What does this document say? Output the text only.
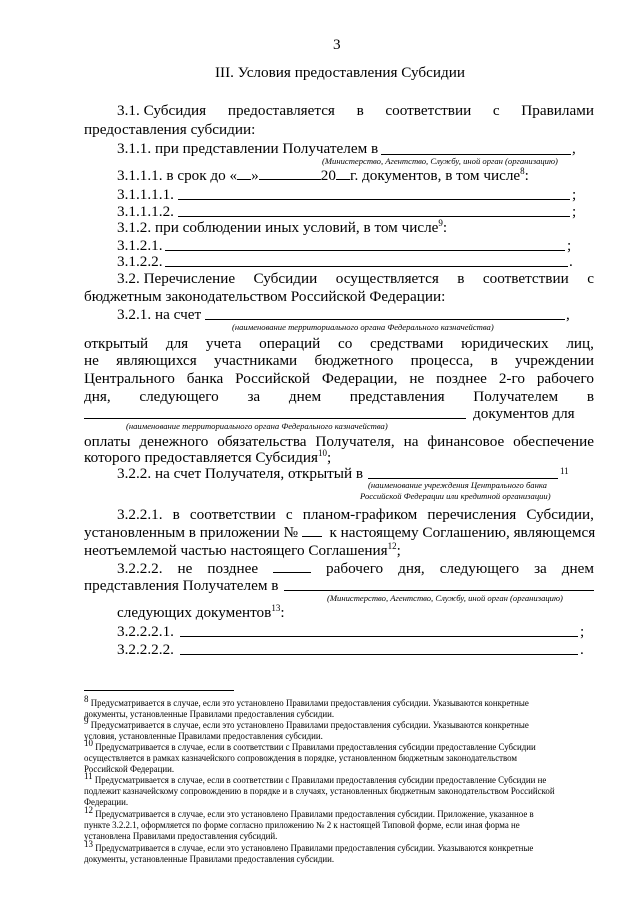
3
III. Условия предоставления Субсидии
3.1. Субсидия предоставляется в соответствии с Правилами
предоставления субсидии:
3.1.1. при представлении Получателем в	,
(Министерство, Агентство, Службу, иной орган (организацию)
3.1.1.1. в срок до « »	20 г. документов, в том числе$^8$:
3.1.1.1.1.	;
3.1.1.1.2.	;
3.1.2. при соблюдении иных условий, в том числе$^9$:
3.1.2.1.	;
3.1.2.2.	.
3.2. Перечисление Субсидии осуществляется в соответствии с
бюджетным законодательством Российской Федерации:
3.2.1. на счет	,
(наименование территориального органа Федерального казначейства)
открытый для учета операций со средствами юридических лиц,
не являющихся участниками бюджетного процесса, в учреждении
Центрального банка Российской Федерации, не позднее 2-го рабочего
дня, следующего за днем представления Получателем в
документов для
(наименование территориального органа Федерального казначейства)
оплаты денежного обязательства Получателя, на финансовое обеспечение
которого предоставляется Субсидия$^{10}$;
3.2.2. на счет Получателя, открытый в	11
(наименование учреждения Центрального банка
Российской Федерации или кредитной организации)
3.2.2.1. в соответствии с планом-графиком перечисления Субсидии,
установленным в приложении № к настоящему Соглашению, являющемся
неотъемлемой частью настоящего Соглашения$^{12}$;
3.2.2.2. не позднее	рабочего дня, следующего за днем
представления Получателем в
(Министерство, Агентство, Службу, иной орган (организацию)
следующих документов$^{13}$:
3.2.2.2.1.	;
3.2.2.2.2.	.
$^8$ Предусматривается в случае, если это установлено Правилами предоставления субсидии. Указываются конкретные
документы, установленные Правилами предоставления субсидии.
$^9$ Предусматривается в случае, если это установлено Правилами предоставления субсидии. Указываются конкретные
условия, установленные Правилами предоставления субсидии.
$^{10}$ Предусматривается в случае, если в соответствии с Правилами предоставления субсидии предоставление Субсидии
осуществляется в рамках казначейского сопровождения в порядке, установленном бюджетным законодательством
Российской Федерации.
$^{11}$ Предусматривается в случае, если в соответствии с Правилами предоставления субсидии предоставление Субсидии не
подлежит казначейскому сопровождению в порядке и в случаях, установленных бюджетным законодательством Российской
Федерации.
$^{12}$ Предусматривается в случае, если это установлено Правилами предоставления субсидии. Приложение, указанное в
пункте 3.2.2.1, оформляется по форме согласно приложению № 2 к настоящей Типовой форме, если иная форма не
установлена Правилами предоставления субсидий.
$^{13}$ Предусматривается в случае, если это установлено Правилами предоставления субсидии. Указываются конкретные
документы, установленные Правилами предоставления субсидии.
